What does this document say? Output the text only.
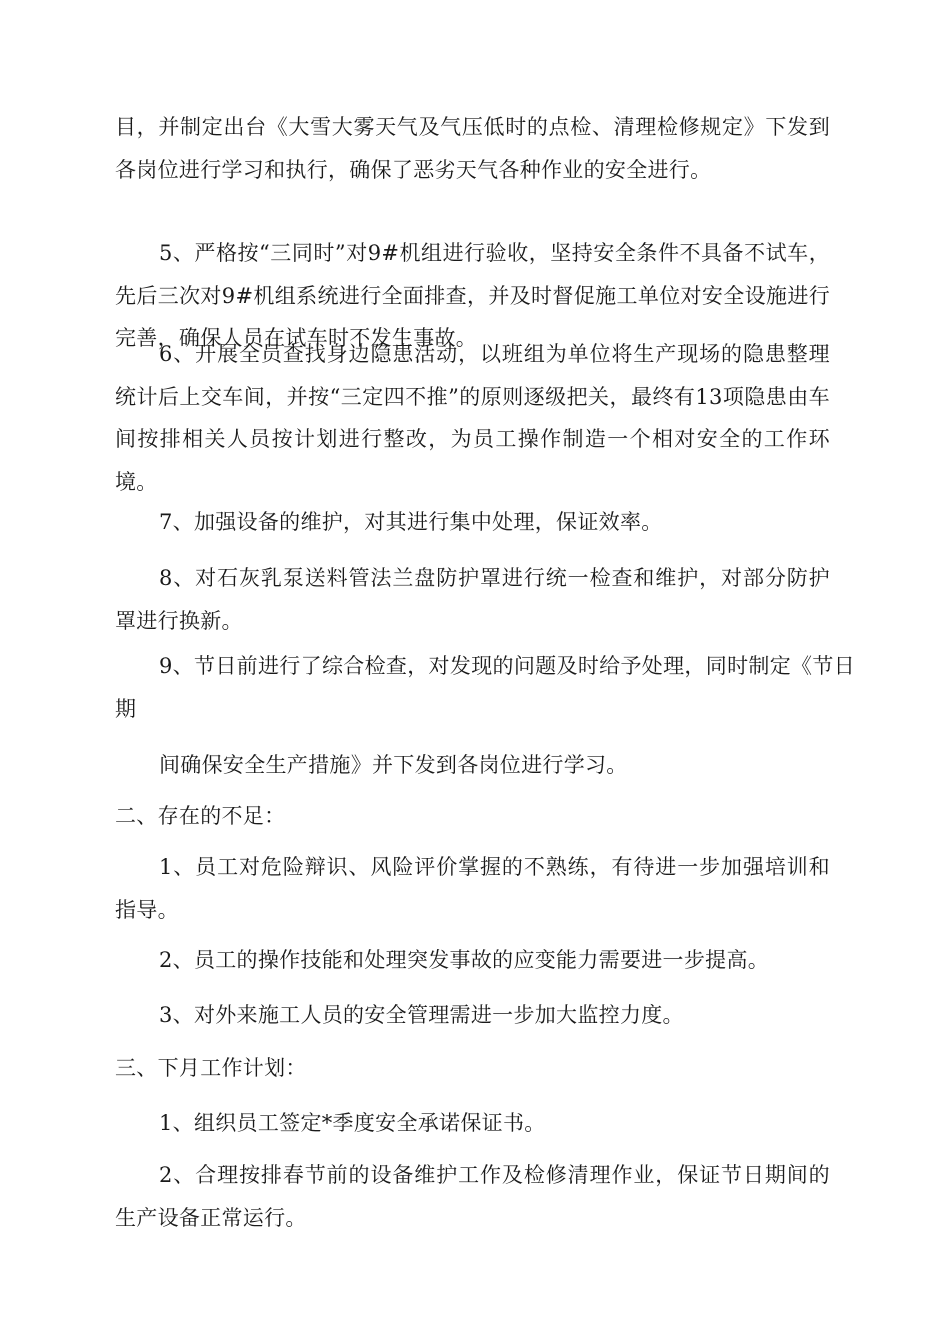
目，并制定出台《大雪大雾天气及气压低时的点检、清理检修规定》下发到各岗位进行学习和执行，确保了恶劣天气各种作业的安全进行。

5、严格按“三同时”对9#机组进行验收，坚持安全条件不具备不试车，先后三次对9#机组系统进行全面排查，并及时督促施工单位对安全设施进行完善，确保人员在试车时不发生事故。

6、开展全员查找身边隐患活动，以班组为单位将生产现场的隐患整理统计后上交车间，并按“三定四不推”的原则逐级把关，最终有13项隐患由车间按排相关人员按计划进行整改，为员工操作制造一个相对安全的工作环境。

7、加强设备的维护，对其进行集中处理，保证效率。

8、对石灰乳泵送料管法兰盘防护罩进行统一检查和维护，对部分防护罩进行换新。

9、节日前进行了综合检查，对发现的问题及时给予处理，同时制定《节日期

间确保安全生产措施》并下发到各岗位进行学习。

二、存在的不足：

1、员工对危险辩识、风险评价掌握的不熟练，有待进一步加强培训和指导。

2、员工的操作技能和处理突发事故的应变能力需要进一步提高。

3、对外来施工人员的安全管理需进一步加大监控力度。

三、下月工作计划：

1、组织员工签定*季度安全承诺保证书。

2、合理按排春节前的设备维护工作及检修清理作业，保证节日期间的生产设备正常运行。
